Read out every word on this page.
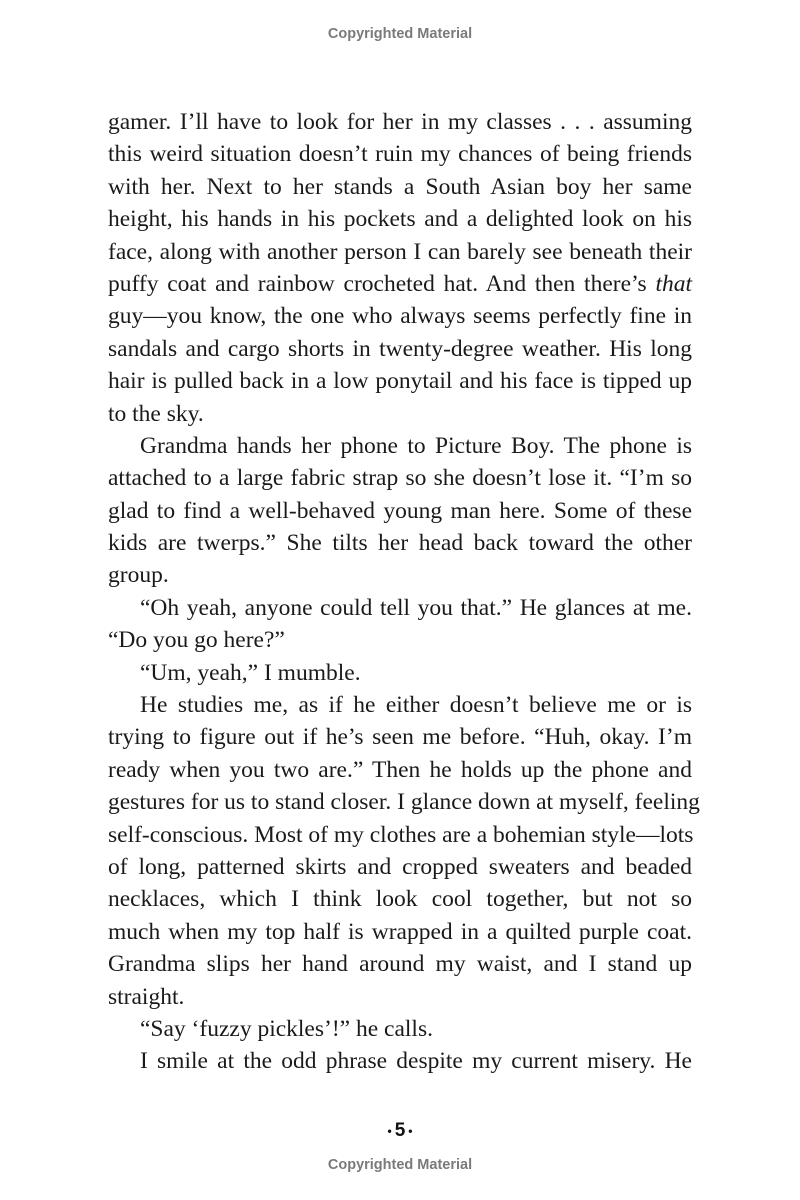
Copyrighted Material
gamer. I’ll have to look for her in my classes . . . assuming
this weird situation doesn’t ruin my chances of being friends
with her. Next to her stands a South Asian boy her same
height, his hands in his pockets and a delighted look on his
face, along with another person I can barely see beneath their
puffy coat and rainbow crocheted hat. And then there’s that
guy—you know, the one who always seems perfectly fine in
sandals and cargo shorts in twenty-degree weather. His long
hair is pulled back in a low ponytail and his face is tipped up
to the sky.
Grandma hands her phone to Picture Boy. The phone is
attached to a large fabric strap so she doesn’t lose it. “I’m so
glad to find a well-behaved young man here. Some of these
kids are twerps.” She tilts her head back toward the other
group.
“Oh yeah, anyone could tell you that.” He glances at me.
“Do you go here?”
“Um, yeah,” I mumble.
He studies me, as if he either doesn’t believe me or is
trying to figure out if he’s seen me before. “Huh, okay. I’m
ready when you two are.” Then he holds up the phone and
gestures for us to stand closer. I glance down at myself, feeling
self-conscious. Most of my clothes are a bohemian style—lots
of long, patterned skirts and cropped sweaters and beaded
necklaces, which I think look cool together, but not so
much when my top half is wrapped in a quilted purple coat.
Grandma slips her hand around my waist, and I stand up
straight.
“Say ‘fuzzy pickles’!” he calls.
I smile at the odd phrase despite my current misery. He
• 5 •
Copyrighted Material
